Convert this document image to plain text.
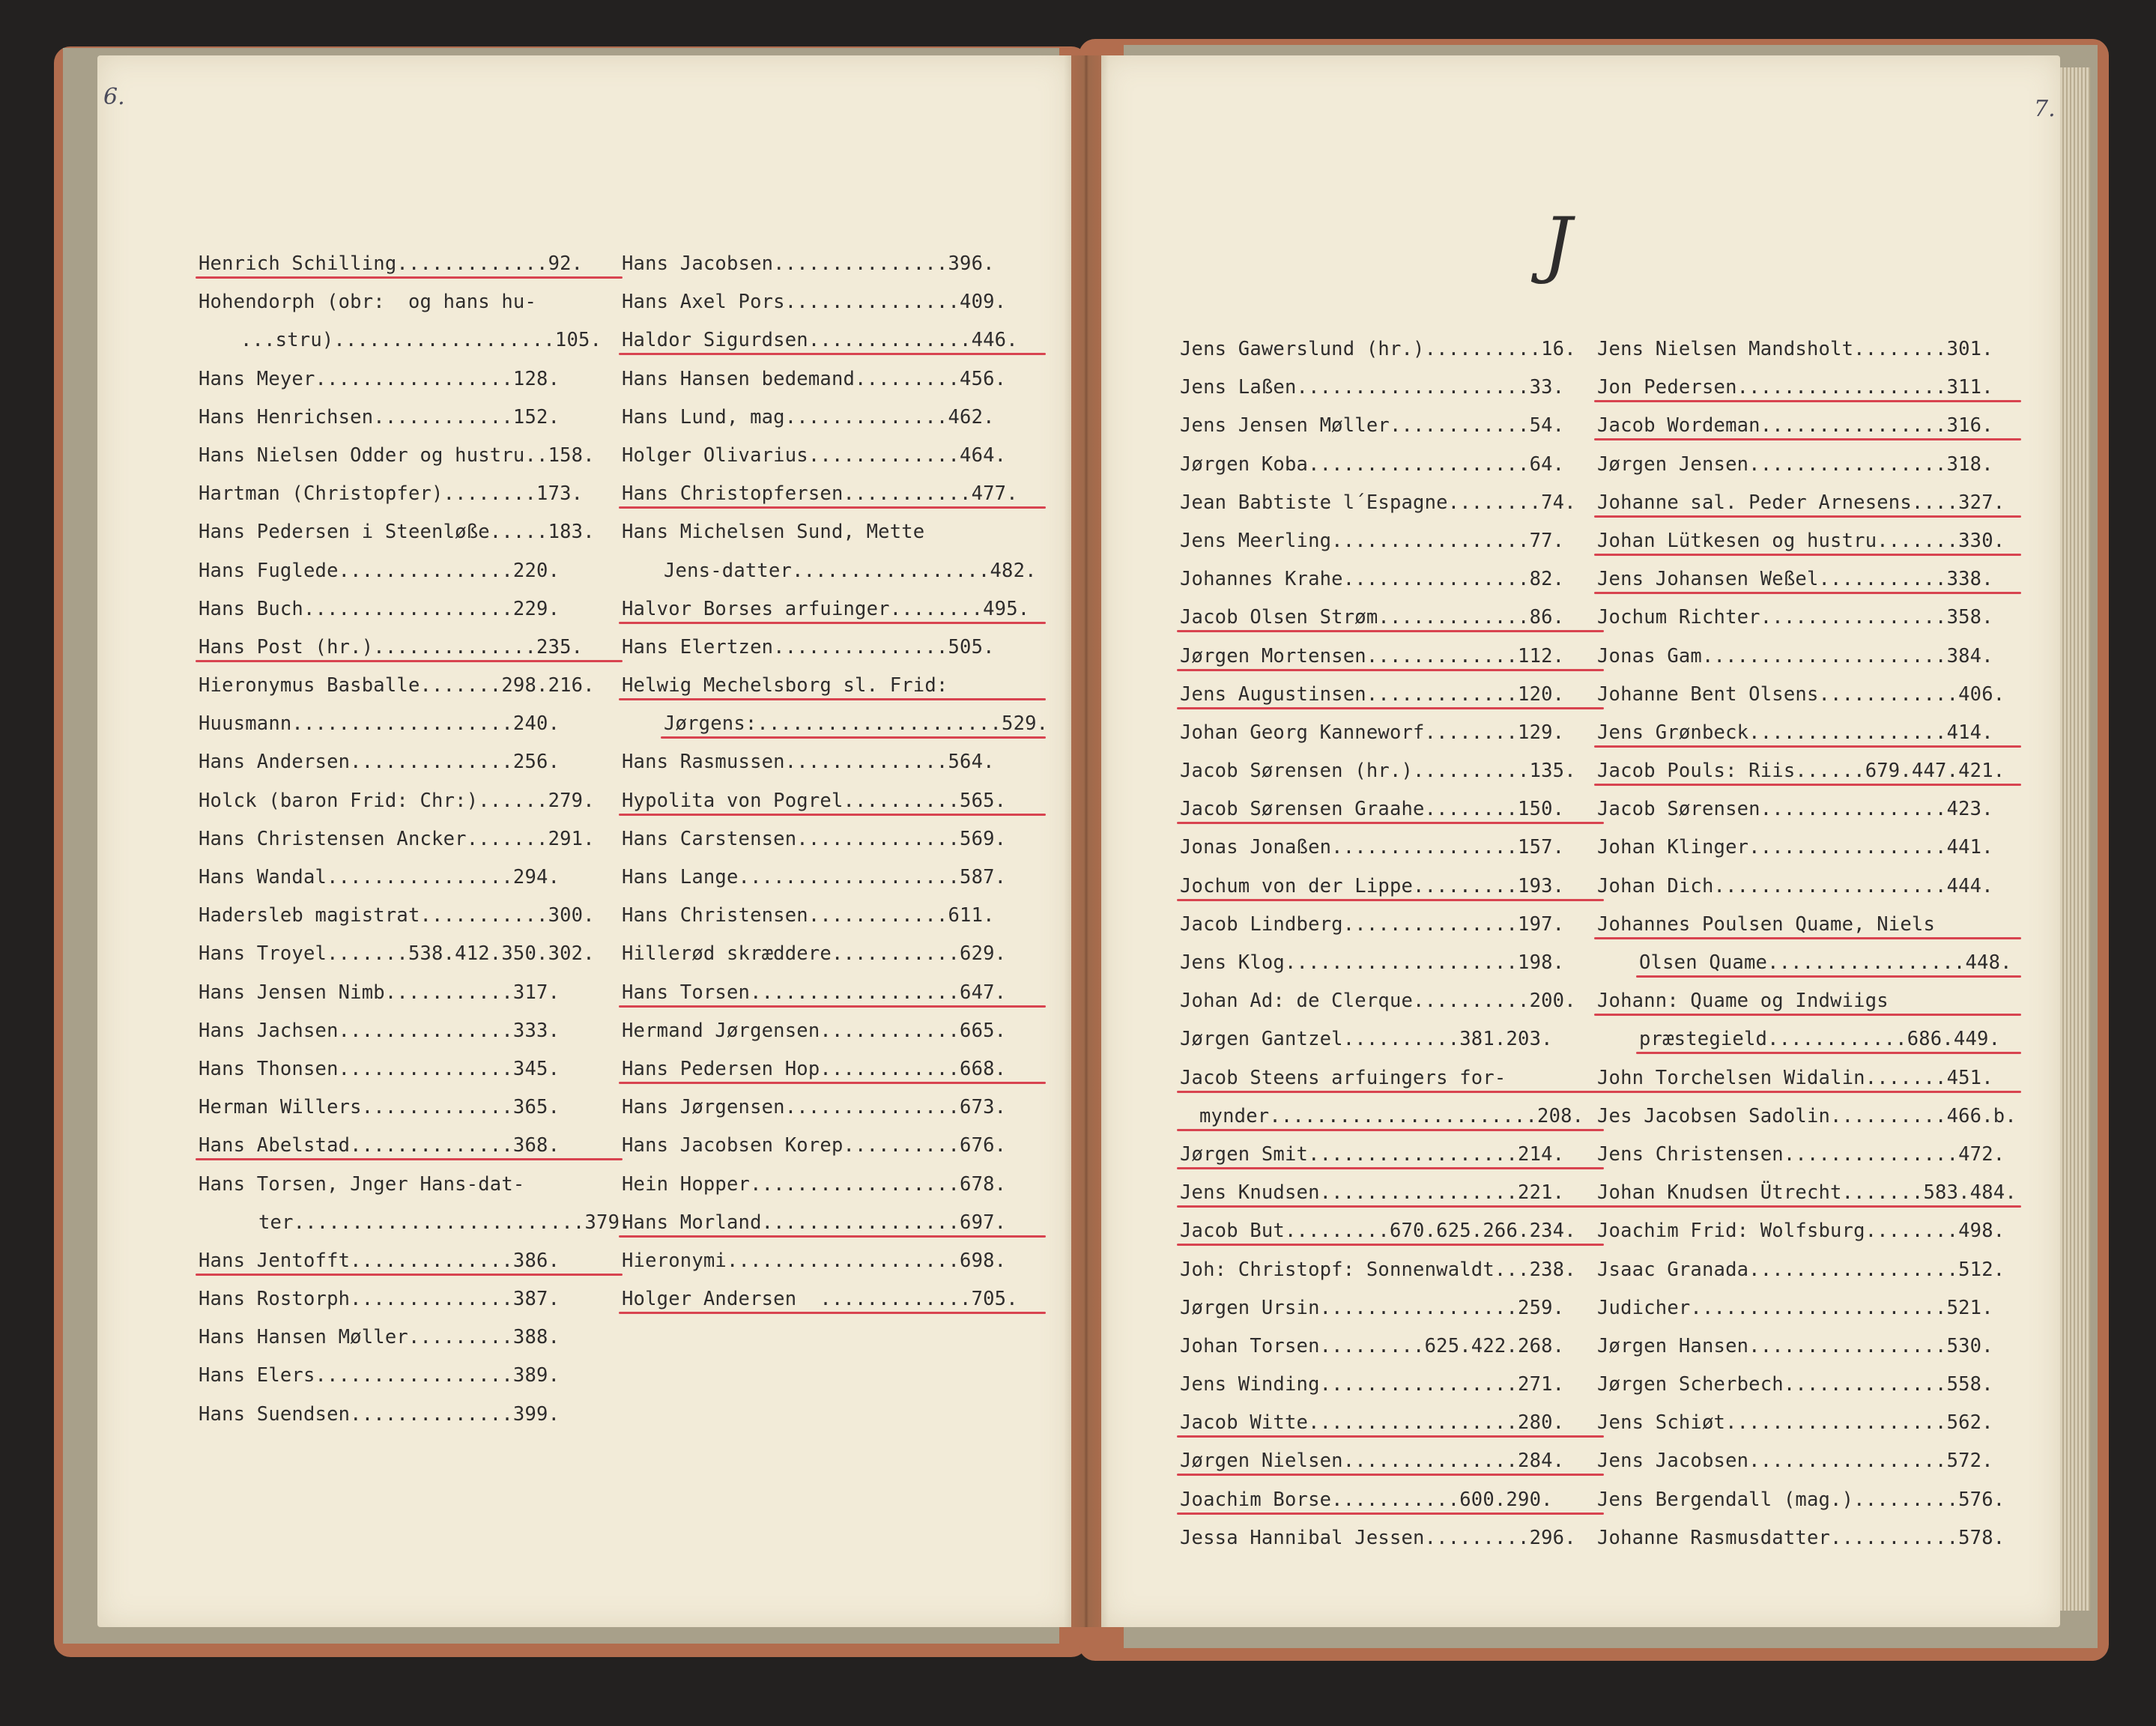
6.
Henrich Schilling.............92.
Hohendorph (obr:  og hans hu-
...stru)...................105.
Hans Meyer.................128.
Hans Henrichsen............152.
Hans Nielsen Odder og hustru..158.
Hartman (Christopfer)........173.
Hans Pedersen i Steenløße.....183.
Hans Fuglede...............220.
Hans Buch..................229.
Hans Post (hr.)..............235.
Hieronymus Basballe.......298.216.
Huusmann...................240.
Hans Andersen..............256.
Holck (baron Frid: Chr:)......279.
Hans Christensen Ancker.......291.
Hans Wandal................294.
Hadersleb magistrat...........300.
Hans Troyel.......538.412.350.302.
Hans Jensen Nimb...........317.
Hans Jachsen...............333.
Hans Thonsen...............345.
Herman Willers.............365.
Hans Abelstad..............368.
Hans Torsen, Jnger Hans-dat-
ter.........................379.
Hans Jentofft..............386.
Hans Rostorph..............387.
Hans Hansen Møller.........388.
Hans Elers.................389.
Hans Suendsen..............399.
Hans Jacobsen...............396.
Hans Axel Pors...............409.
Haldor Sigurdsen..............446.
Hans Hansen bedemand.........456.
Hans Lund, mag..............462.
Holger Olivarius.............464.
Hans Christopfersen...........477.
Hans Michelsen Sund, Mette
Jens-datter.................482.
Halvor Borses arfuinger........495.
Hans Elertzen...............505.
Helwig Mechelsborg sl. Frid:
Jørgens:.....................529.
Hans Rasmussen..............564.
Hypolita von Pogrel..........565.
Hans Carstensen..............569.
Hans Lange...................587.
Hans Christensen............611.
Hillerød skræddere...........629.
Hans Torsen..................647.
Hermand Jørgensen............665.
Hans Pedersen Hop............668.
Hans Jørgensen...............673.
Hans Jacobsen Korep..........676.
Hein Hopper..................678.
Hans Morland.................697.
Hieronymi....................698.
Holger Andersen  .............705.
7.
Jens Gawerslund (hr.)..........16.
Jens Laßen....................33.
Jens Jensen Møller............54.
Jørgen Koba...................64.
Jean Babtiste l´Espagne........74.
Jens Meerling.................77.
Johannes Krahe................82.
Jacob Olsen Strøm.............86.
Jørgen Mortensen.............112.
Jens Augustinsen.............120.
Johan Georg Kanneworf........129.
Jacob Sørensen (hr.)..........135.
Jacob Sørensen Graahe........150.
Jonas Jonaßen................157.
Jochum von der Lippe.........193.
Jacob Lindberg...............197.
Jens Klog....................198.
Johan Ad: de Clerque..........200.
Jørgen Gantzel..........381.203.
Jacob Steens arfuingers for-
mynder.......................208.
Jørgen Smit..................214.
Jens Knudsen.................221.
Jacob But.........670.625.266.234.
Joh: Christopf: Sonnenwaldt...238.
Jørgen Ursin.................259.
Johan Torsen.........625.422.268.
Jens Winding.................271.
Jacob Witte..................280.
Jørgen Nielsen...............284.
Joachim Borse...........600.290.
Jessa Hannibal Jessen.........296.
Jens Nielsen Mandsholt........301.
Jon Pedersen..................311.
Jacob Wordeman................316.
Jørgen Jensen.................318.
Johanne sal. Peder Arnesens....327.
Johan Lütkesen og hustru.......330.
Jens Johansen Weßel...........338.
Jochum Richter................358.
Jonas Gam.....................384.
Johanne Bent Olsens............406.
Jens Grønbeck.................414.
Jacob Pouls: Riis......679.447.421.
Jacob Sørensen................423.
Johan Klinger.................441.
Johan Dich....................444.
Johannes Poulsen Quame, Niels
Olsen Quame.................448.
Johann: Quame og Indwiigs
præstegield............686.449.
John Torchelsen Widalin.......451.
Jes Jacobsen Sadolin..........466.b.
Jens Christensen...............472.
Johan Knudsen Ütrecht.......583.484.
Joachim Frid: Wolfsburg........498.
Jsaac Granada..................512.
Judicher......................521.
Jørgen Hansen.................530.
Jørgen Scherbech..............558.
Jens Schiøt...................562.
Jens Jacobsen.................572.
Jens Bergendall (mag.).........576.
Johanne Rasmusdatter...........578.
J
